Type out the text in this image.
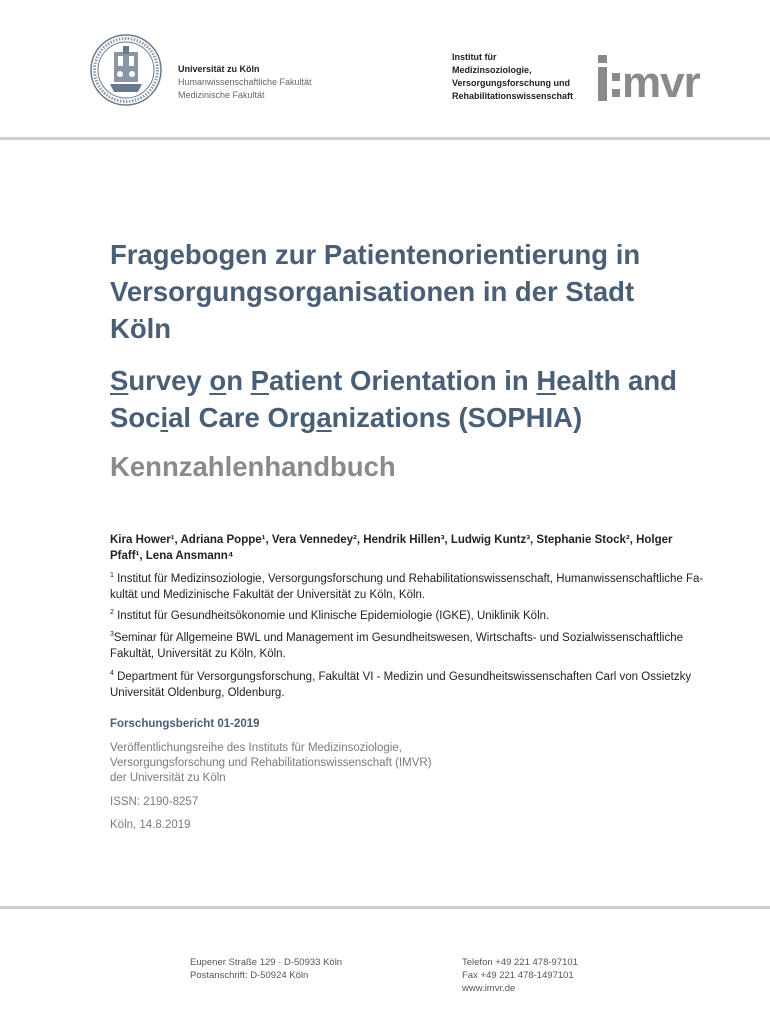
Universität zu Köln
Humanwissenschaftliche Fakultät
Medizinische Fakultät
Institut für
Medizinsoziologie,
Versorgungsforschung und
Rehabilitationswissenschaft mvr
Fragebogen zur Patientenorientierung in
Versorgungsorganisationen in der Stadt
Köln
Survey on Patient Orientation in Health and
Social Care Organizations (SOPHIA)
Kennzahlenhandbuch
Kira Hower¹, Adriana Poppe¹, Vera Vennedey², Hendrik Hillen³, Ludwig Kuntz³, Stephanie Stock², Holger
Pfaff¹, Lena Ansmann⁴
$^1$ Institut für Medizinsoziologie, Versorgungsforschung und Rehabilitationswissenschaft, Humanwissenschaftliche Fa-
kultät und Medizinische Fakultät der Universität zu Köln, Köln.
$^2$ Institut für Gesundheitsökonomie und Klinische Epidemiologie (IGKE), Uniklinik Köln.
$^3$Seminar für Allgemeine BWL und Management im Gesundheitswesen, Wirtschafts- und Sozialwissenschaftliche
Fakultät, Universität zu Köln, Köln.
$^4$ Department für Versorgungsforschung, Fakultät VI - Medizin und Gesundheitswissenschaften Carl von Ossietzky
Universität Oldenburg, Oldenburg.
Forschungsbericht 01-2019
Veröffentlichungsreihe des Instituts für Medizinsoziologie,
Versorgungsforschung und Rehabilitationswissenschaft (IMVR)
der Universität zu Köln
ISSN: 2190-8257
Köln, 14.8.2019
Eupener Straße 129 · D-50933 Köln
Postanschrift: D-50924 Köln
Telefon +49 221 478-97101
Fax +49 221 478-1497101
www.imvr.de
